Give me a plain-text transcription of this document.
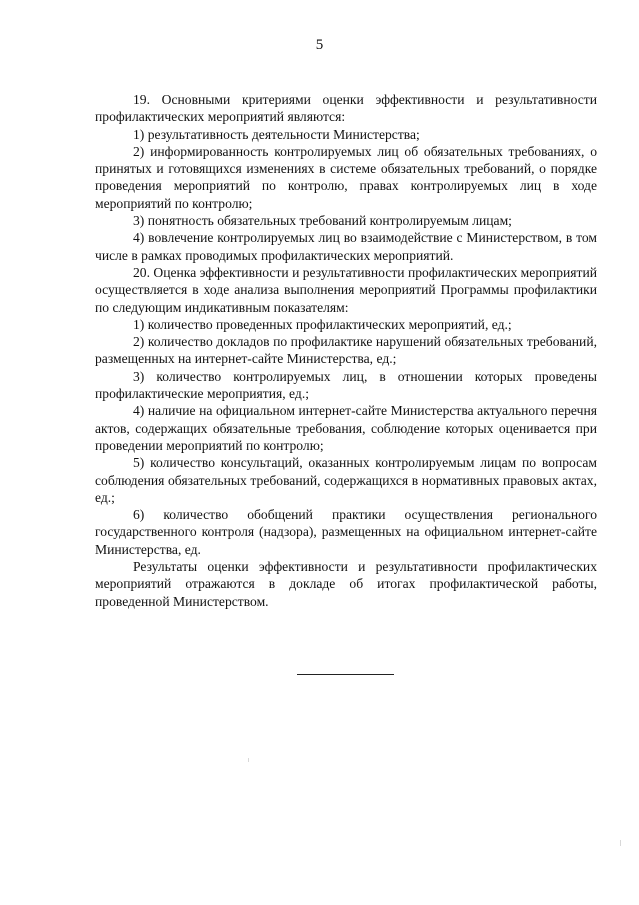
5

19. Основными критериями оценки эффективности и результативности профилактических мероприятий являются:

1) результативность деятельности Министерства;

2) информированность контролируемых лиц об обязательных требованиях, о принятых и готовящихся изменениях в системе обязательных требований, о порядке проведения мероприятий по контролю, правах контролируемых лиц в ходе мероприятий по контролю;

3) понятность обязательных требований контролируемым лицам;

4) вовлечение контролируемых лиц во взаимодействие с Министерством, в том числе в рамках проводимых профилактических мероприятий.

20. Оценка эффективности и результативности профилактических мероприятий осуществляется в ходе анализа выполнения мероприятий Программы профилактики по следующим индикативным показателям:

1) количество проведенных профилактических мероприятий, ед.;

2) количество докладов по профилактике нарушений обязательных требований, размещенных на интернет-сайте Министерства, ед.;

3) количество контролируемых лиц, в отношении которых проведены профилактические мероприятия, ед.;

4) наличие на официальном интернет-сайте Министерства актуального перечня актов, содержащих обязательные требования, соблюдение которых оценивается при проведении мероприятий по контролю;

5) количество консультаций, оказанных контролируемым лицам по вопросам соблюдения обязательных требований, содержащихся в нормативных правовых актах, ед.;

6) количество обобщений практики осуществления регионального государственного контроля (надзора), размещенных на официальном интернет-сайте Министерства, ед.

Результаты оценки эффективности и результативности профилактических мероприятий отражаются в докладе об итогах профилактической работы, проведенной Министерством.
